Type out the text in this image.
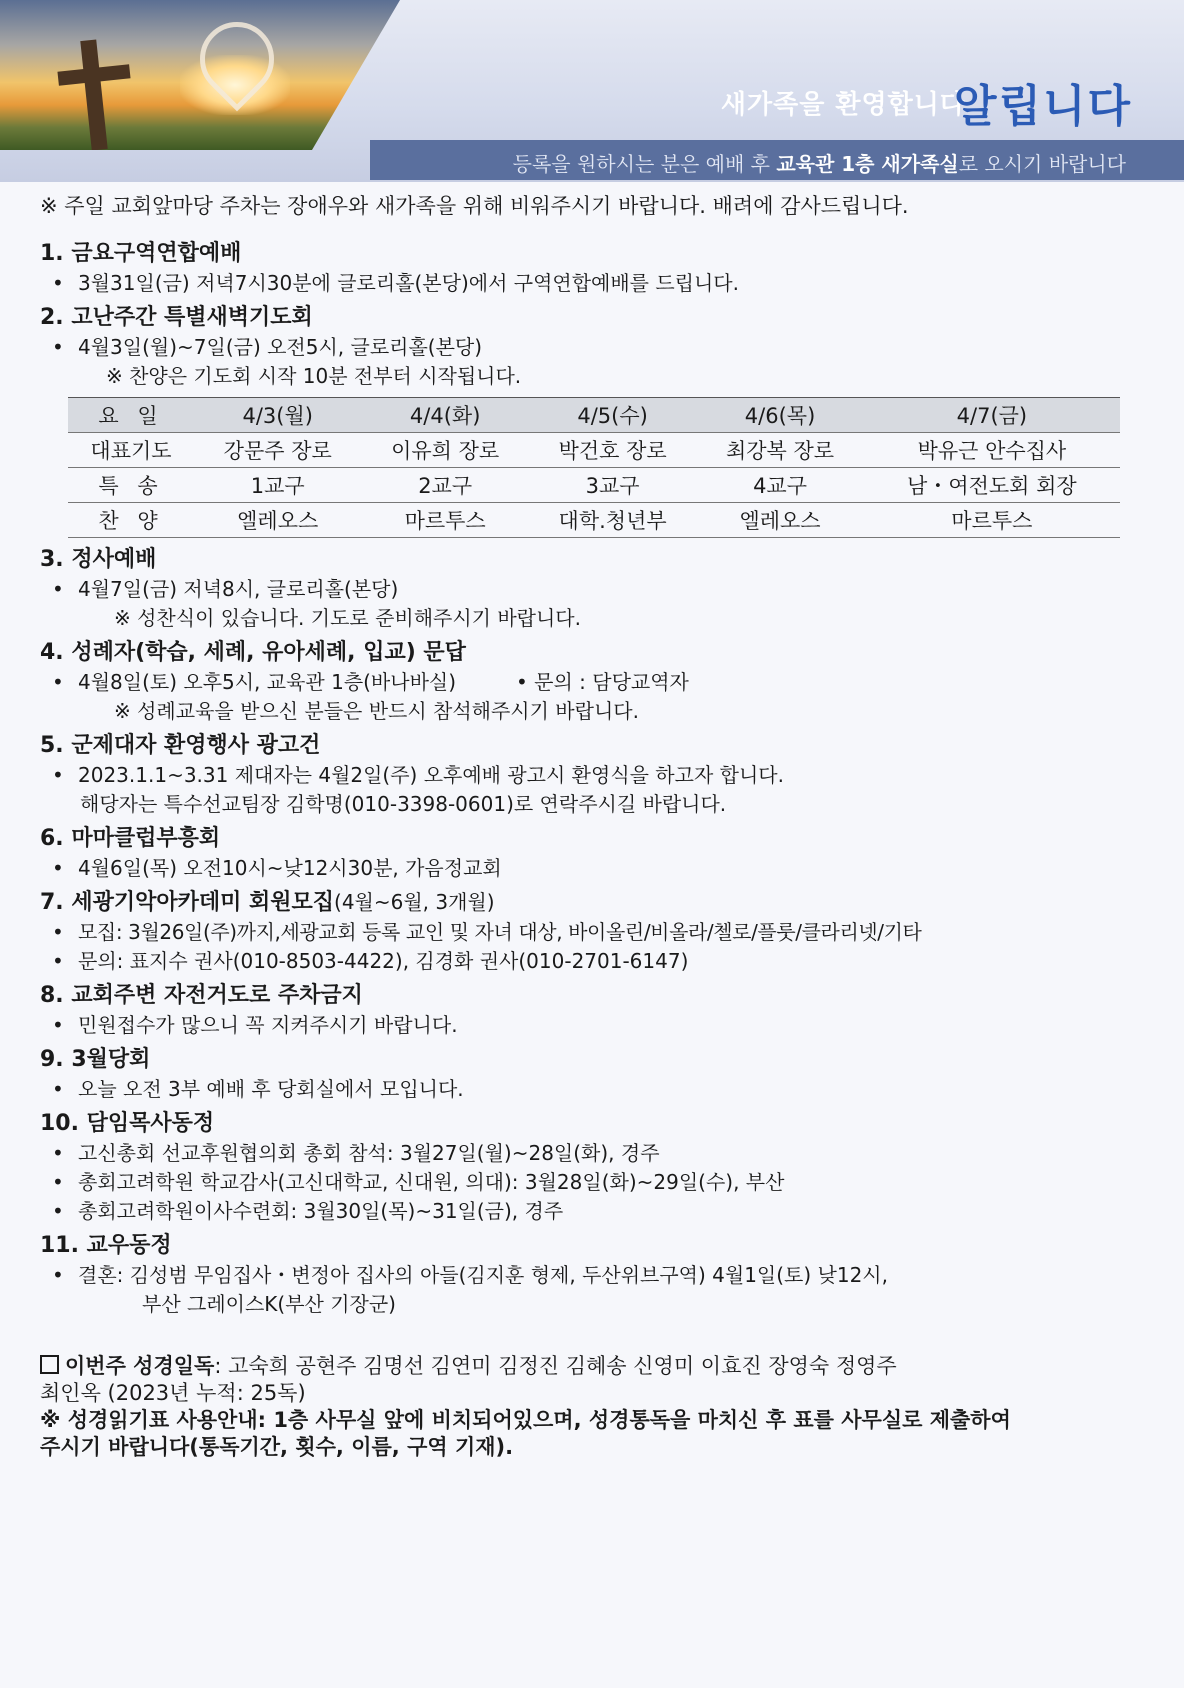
새가족을 환영합니다
알립니다
등록을 원하시는 분은 예배 후 교육관 1층 새가족실로 오시기 바랍니다
※ 주일 교회앞마당 주차는 장애우와 새가족을 위해 비워주시기 바랍니다. 배려에 감사드립니다.
1. 금요구역연합예배
• 3월31일(금) 저녁7시30분에 글로리홀(본당)에서 구역연합예배를 드립니다.
2. 고난주간 특별새벽기도회
• 4월3일(월)~7일(금) 오전5시, 글로리홀(본당)
※ 찬양은 기도회 시작 10분 전부터 시작됩니다.
요 일	4/3(월)	4/4(화)	4/5(수)	4/6(목)	4/7(금)
대표기도	강문주 장로	이유희 장로	박건호 장로	최강복 장로	박유근 안수집사
특 송	1교구	2교구	3교구	4교구	남・여전도회 회장
찬 양	엘레오스	마르투스	대학.청년부	엘레오스	마르투스
3. 정사예배
• 4월7일(금) 저녁8시, 글로리홀(본당)
※ 성찬식이 있습니다. 기도로 준비해주시기 바랍니다.
4. 성례자(학습, 세례, 유아세례, 입교) 문답
• 4월8일(토) 오후5시, 교육관 1층(바나바실)	• 문의 : 담당교역자
※ 성례교육을 받으신 분들은 반드시 참석해주시기 바랍니다.
5. 군제대자 환영행사 광고건
• 2023.1.1~3.31 제대자는 4월2일(주) 오후예배 광고시 환영식을 하고자 합니다.
해당자는 특수선교팀장 김학명(010-3398-0601)로 연락주시길 바랍니다.
6. 마마클럽부흥회
• 4월6일(목) 오전10시~낮12시30분, 가음정교회
7. 세광기악아카데미 회원모집(4월~6월, 3개월)
• 모집: 3월26일(주)까지,세광교회 등록 교인 및 자녀 대상, 바이올린/비올라/첼로/플룻/클라리넷/기타
• 문의: 표지수 권사(010-8503-4422), 김경화 권사(010-2701-6147)
8. 교회주변 자전거도로 주차금지
• 민원접수가 많으니 꼭 지켜주시기 바랍니다.
9. 3월당회
• 오늘 오전 3부 예배 후 당회실에서 모입니다.
10. 담임목사동정
• 고신총회 선교후원협의회 총회 참석: 3월27일(월)~28일(화), 경주
• 총회고려학원 학교감사(고신대학교, 신대원, 의대): 3월28일(화)~29일(수), 부산
• 총회고려학원이사수련회: 3월30일(목)~31일(금), 경주
11. 교우동정
• 결혼: 김성범 무임집사・변정아 집사의 아들(김지훈 형제, 두산위브구역) 4월1일(토) 낮12시,
부산 그레이스K(부산 기장군)
이번주 성경일독: 고숙희 공현주 김명선 김연미 김정진 김혜송 신영미 이효진 장영숙 정영주
최인옥 (2023년 누적: 25독)
※ 성경읽기표 사용안내: 1층 사무실 앞에 비치되어있으며, 성경통독을 마치신 후 표를 사무실로 제출하여
주시기 바랍니다(통독기간, 횟수, 이름, 구역 기재).
